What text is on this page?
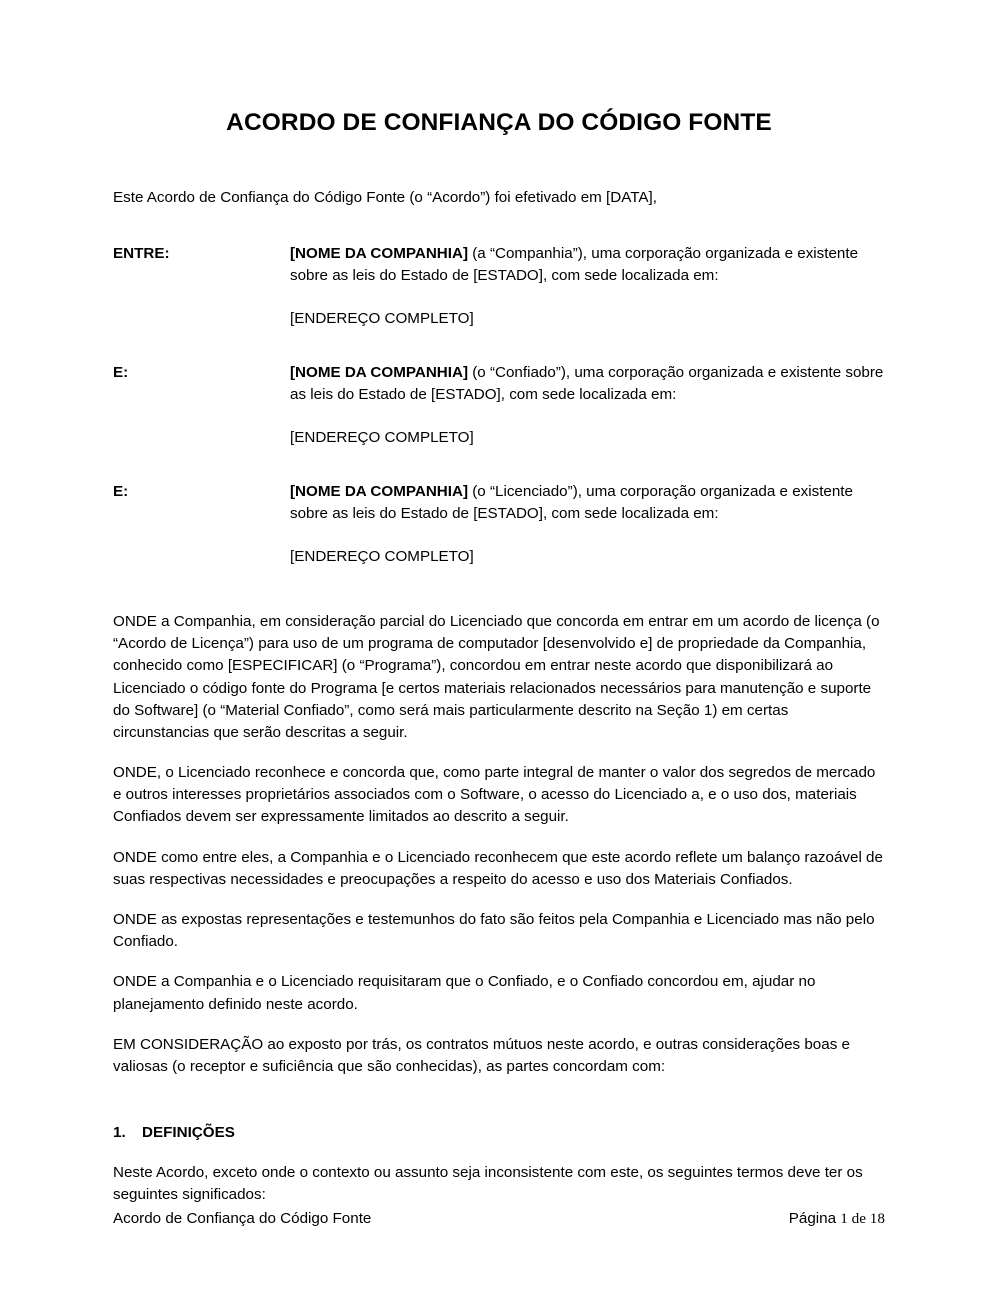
ACORDO DE CONFIANÇA DO CÓDIGO FONTE

Este Acordo de Confiança do Código Fonte (o “Acordo”) foi efetivado em [DATA],

ENTRE:	[NOME DA COMPANHIA] (a “Companhia”), uma corporação organizada e existente sobre as leis do Estado de [ESTADO], com sede localizada em:
[ENDEREÇO COMPLETO]
E:	[NOME DA COMPANHIA] (o “Confiado”), uma corporação organizada e existente sobre as leis do Estado de [ESTADO], com sede localizada em:
[ENDEREÇO COMPLETO]
E:	[NOME DA COMPANHIA] (o “Licenciado”), uma corporação organizada e existente sobre as leis do Estado de [ESTADO], com sede localizada em:
[ENDEREÇO COMPLETO]

ONDE a Companhia, em consideração parcial do Licenciado que concorda em entrar em um acordo de licença (o “Acordo de Licença”) para uso de um programa de computador [desenvolvido e] de propriedade da Companhia, conhecido como [ESPECIFICAR] (o “Programa”), concordou em entrar neste acordo que disponibilizará ao Licenciado o código fonte do Programa [e certos materiais relacionados necessários para manutenção e suporte do Software] (o “Material Confiado”, como será mais particularmente descrito na Seção 1) em certas circunstancias que serão descritas a seguir.

ONDE, o Licenciado reconhece e concorda que, como parte integral de manter o valor dos segredos de mercado e outros interesses proprietários associados com o Software, o acesso do Licenciado a, e o uso dos, materiais Confiados devem ser expressamente limitados ao descrito a seguir.

ONDE como entre eles, a Companhia e o Licenciado reconhecem que este acordo reflete um balanço razoável de suas respectivas necessidades e preocupações a respeito do acesso e uso dos Materiais Confiados.

ONDE as expostas representações e testemunhos do fato são feitos pela Companhia e Licenciado mas não pelo Confiado.

ONDE a Companhia e o Licenciado requisitaram que o Confiado, e o Confiado concordou em, ajudar no planejamento definido neste acordo.

EM CONSIDERAÇÃO ao exposto por trás, os contratos mútuos neste acordo, e outras considerações boas e valiosas (o receptor e suficiência que são conhecidas), as partes concordam com:

1.	DEFINIÇÕES

Neste Acordo, exceto onde o contexto ou assunto seja inconsistente com este, os seguintes termos deve ter os seguintes significados:

Acordo de Confiança do Código Fonte	Página 1 de 18
